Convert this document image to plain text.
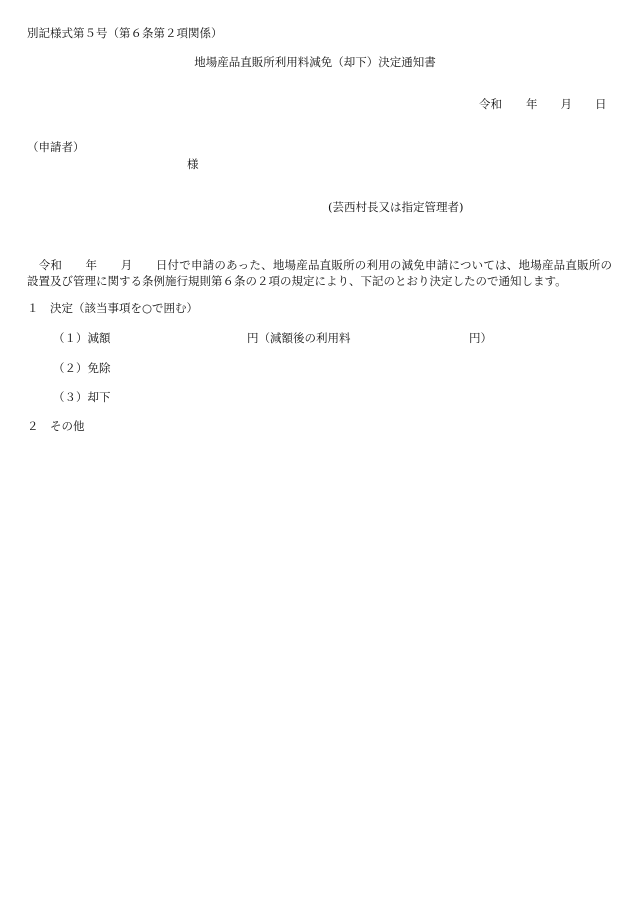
別記様式第５号（第６条第２項関係）
地場産品直販所利用料減免（却下）決定通知書
令和 年 月 日
（申請者）
様
(芸西村長又は指定管理者)
　令和　　年　　月　　日付で申請のあった、地場産品直販所の利用の減免申請については、地場産品直販所の設置及び管理に関する条例施行規則第６条の２項の規定により、下記のとおり決定したので通知します。
１　決定（該当事項を○で囲む）
（１）減額	円（減額後の利用料	円）
（２）免除
（３）却下
２　その他
